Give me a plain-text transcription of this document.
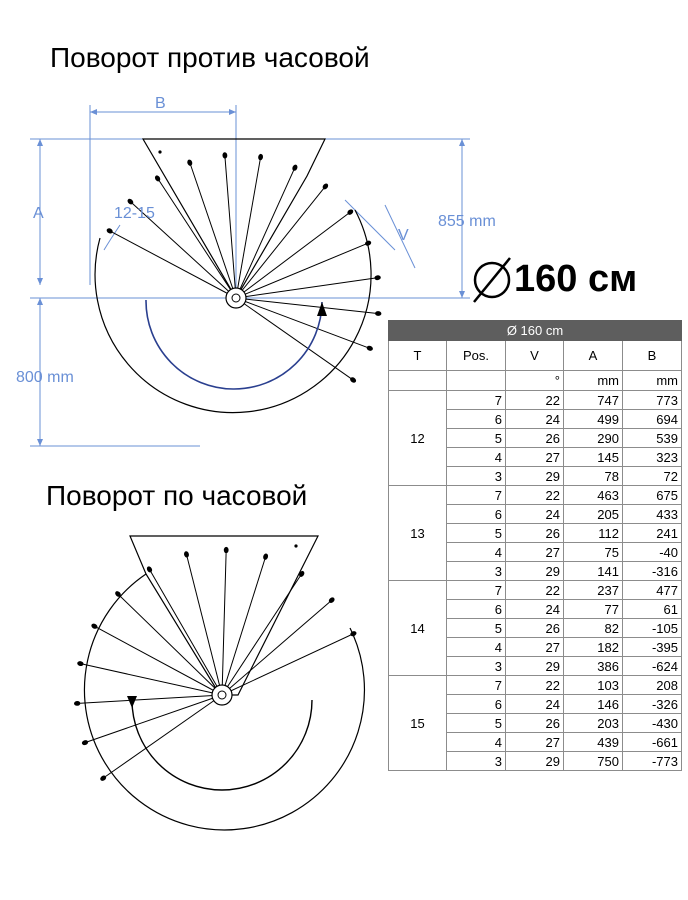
Поворот против часовой
Поворот по часовой
B
A	12-15
V
855 mm
800 mm
160 см
Ø 160 cm				
T	Pos.	V	A	B
		°	mm	mm
12	7	22	747	773
	6	24	499	694
	5	26	290	539
	4	27	145	323
	3	29	78	72
13	7	22	463	675
	6	24	205	433
	5	26	112	241
	4	27	75	-40
	3	29	141	-316
14	7	22	237	477
	6	24	77	61
	5	26	82	-105
	4	27	182	-395
	3	29	386	-624
15	7	22	103	208
	6	24	146	-326
	5	26	203	-430
	4	27	439	-661
	3	29	750	-773
